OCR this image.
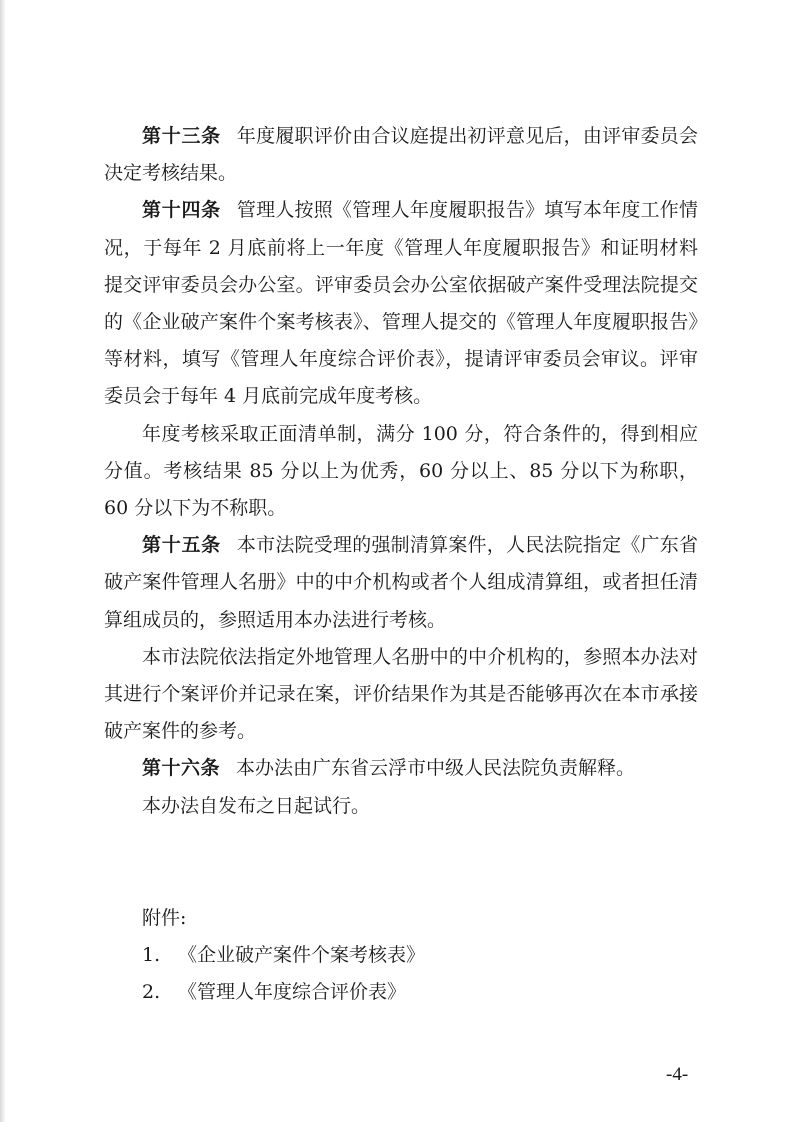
第十三条 年度履职评价由合议庭提出初评意见后，由评审委员会决定考核结果。

第十四条 管理人按照《管理人年度履职报告》填写本年度工作情况，于每年 2 月底前将上一年度《管理人年度履职报告》和证明材料提交评审委员会办公室。评审委员会办公室依据破产案件受理法院提交的《企业破产案件个案考核表》、管理人提交的《管理人年度履职报告》等材料，填写《管理人年度综合评价表》，提请评审委员会审议。评审委员会于每年 4 月底前完成年度考核。

年度考核采取正面清单制，满分 100 分，符合条件的，得到相应分值。考核结果 85 分以上为优秀，60 分以上、85 分以下为称职，60 分以下为不称职。

第十五条 本市法院受理的强制清算案件，人民法院指定《广东省破产案件管理人名册》中的中介机构或者个人组成清算组，或者担任清算组成员的，参照适用本办法进行考核。

本市法院依法指定外地管理人名册中的中介机构的，参照本办法对其进行个案评价并记录在案，评价结果作为其是否能够再次在本市承接破产案件的参考。

第十六条 本办法由广东省云浮市中级人民法院负责解释。

本办法自发布之日起试行。

附件:
1. 《企业破产案件个案考核表》
2. 《管理人年度综合评价表》
-4-
